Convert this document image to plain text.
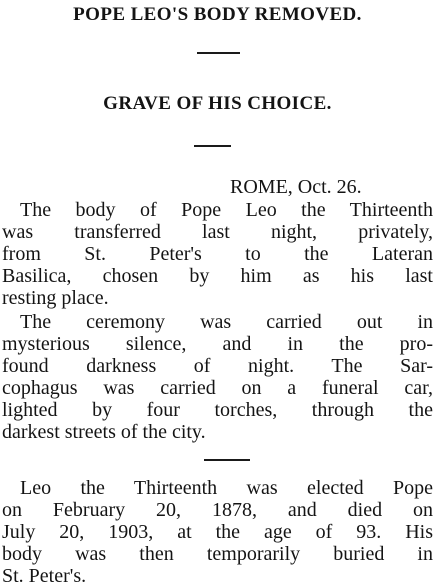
POPE LEO'S BODY REMOVED.
GRAVE OF HIS CHOICE.
ROME, Oct. 26.
The body of Pope Leo the Thirteenth
was transferred last night, privately,
from St. Peter's to the Lateran
Basilica, chosen by him as his last
resting place.
The ceremony was carried out in
mysterious silence, and in the pro-
found darkness of night. The Sar-
cophagus was carried on a funeral car,
lighted by four torches, through the
darkest streets of the city.
Leo the Thirteenth was elected Pope
on February 20, 1878, and died on
July 20, 1903, at the age of 93. His
body was then temporarily buried in
St. Peter's.
